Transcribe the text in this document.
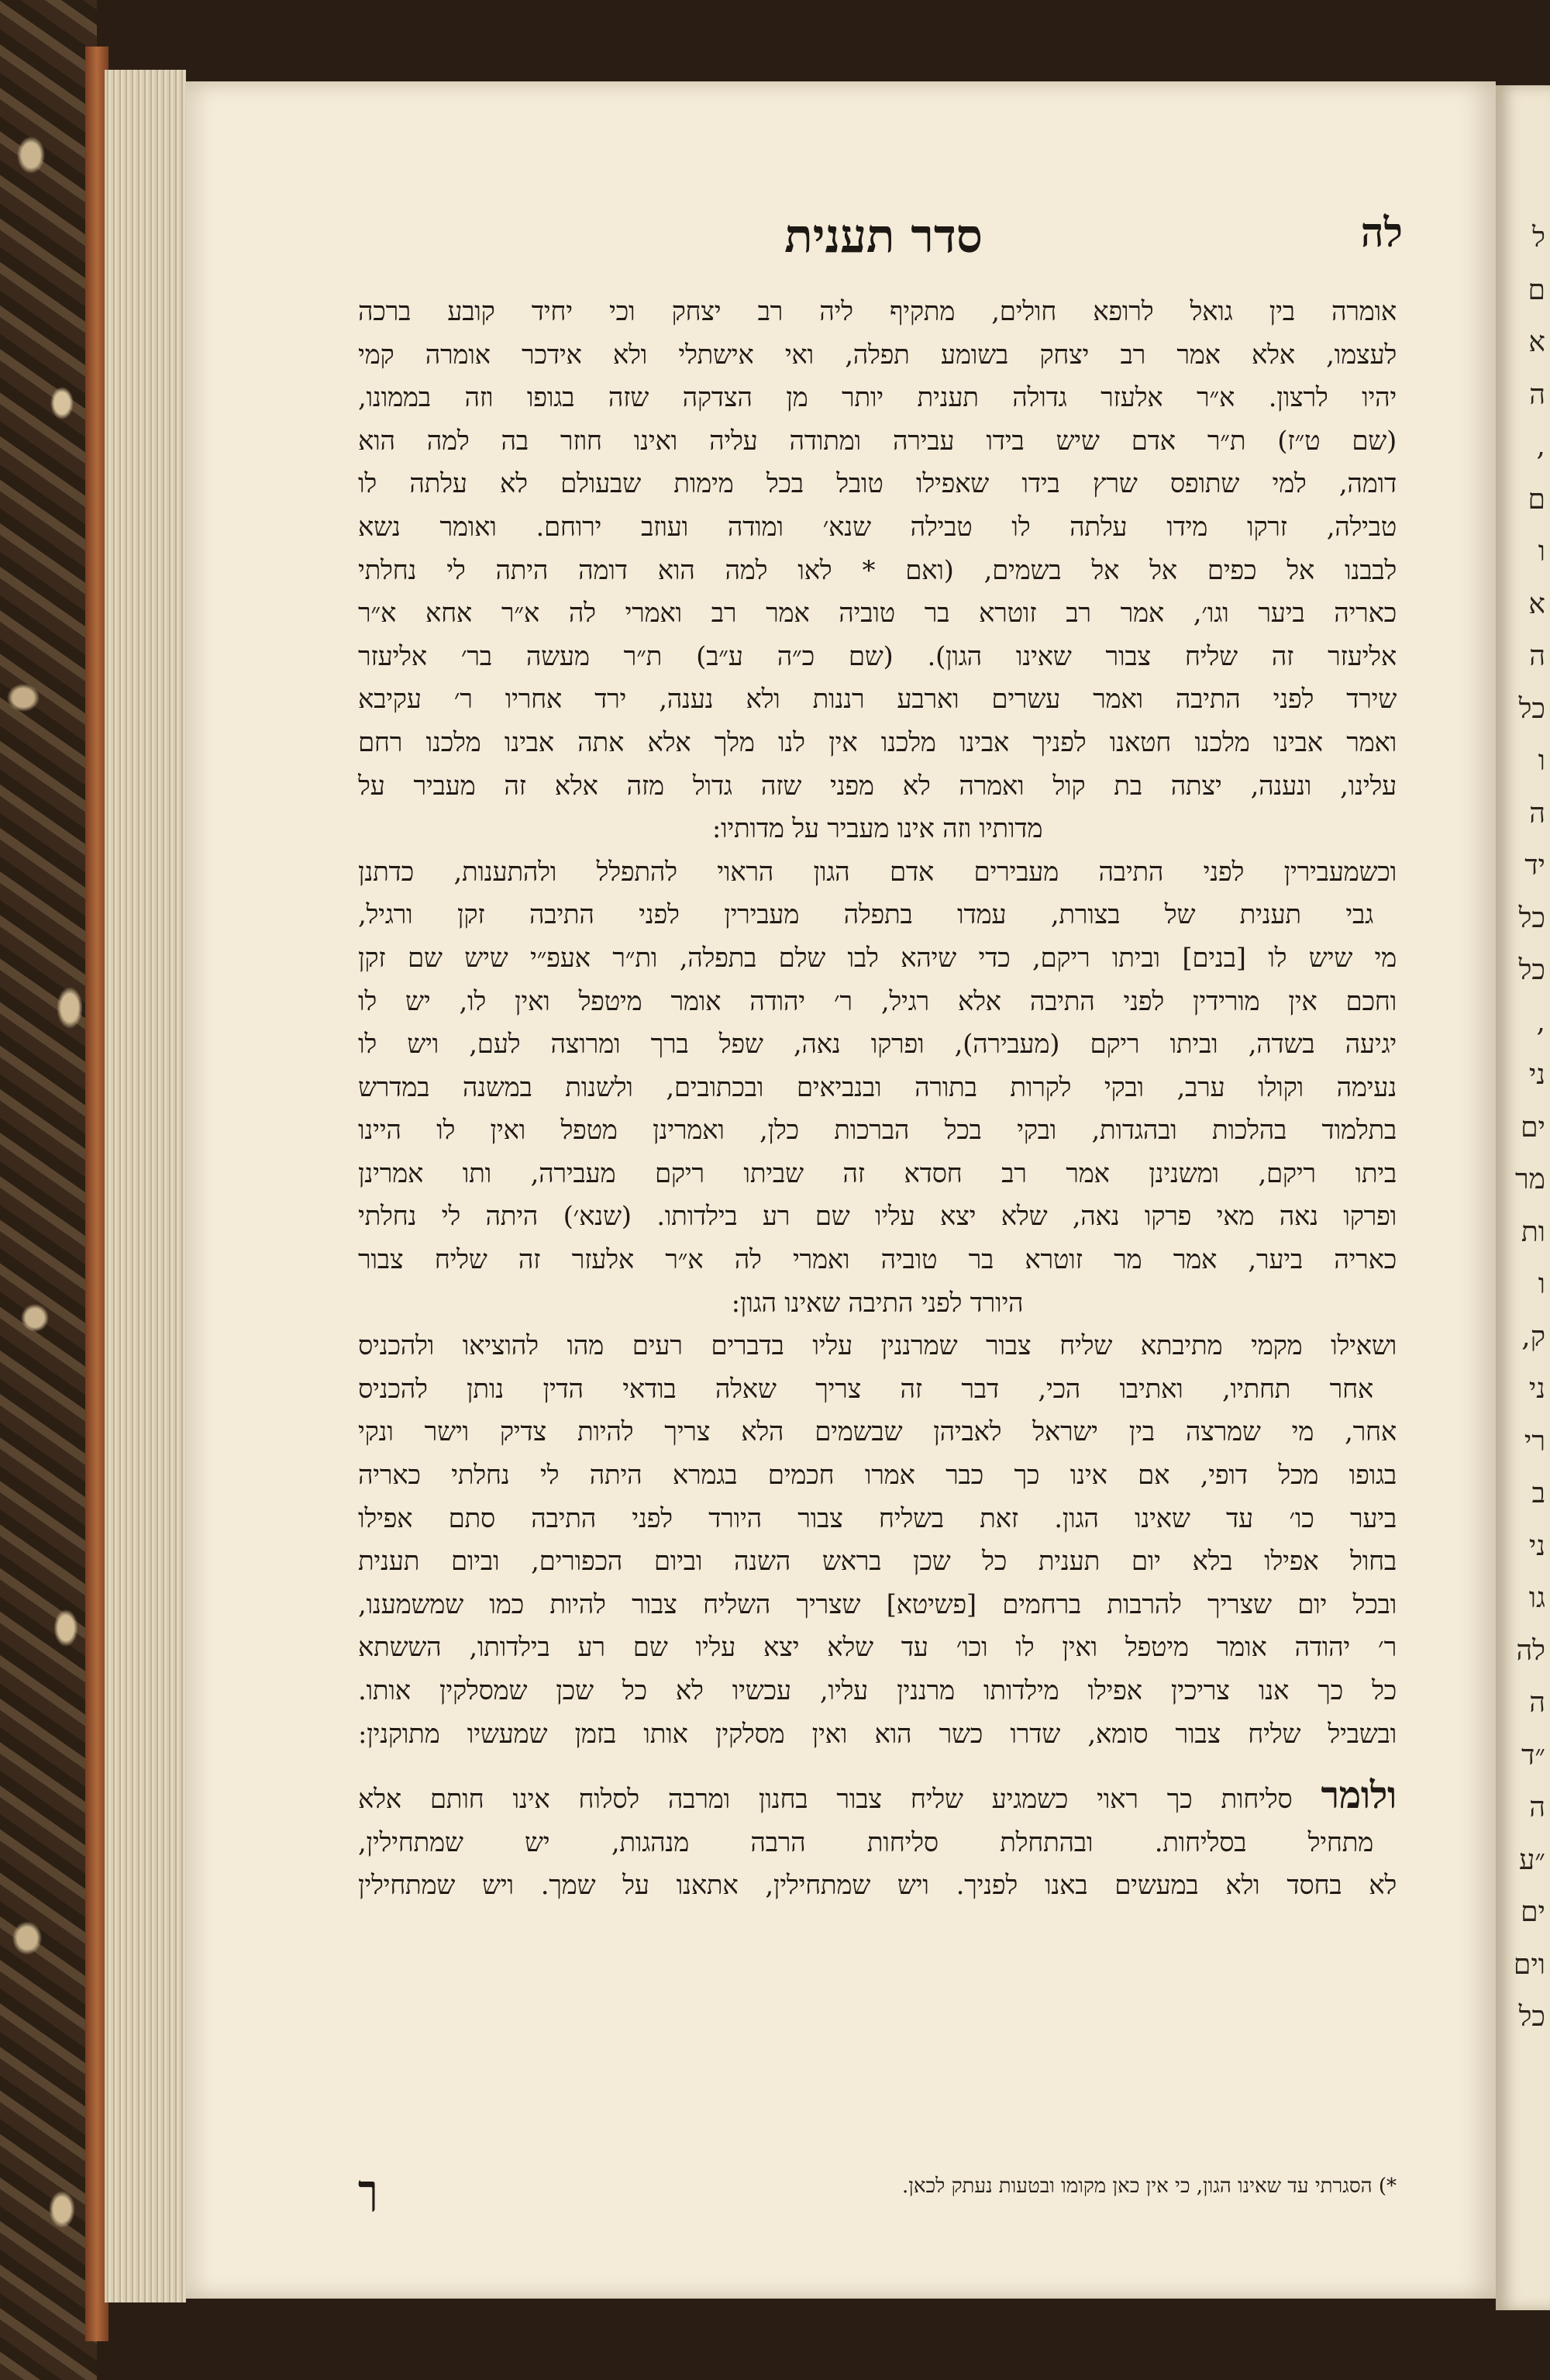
ל
ם
א
ה
,
ם
ו
א
ה
כל
ו
ה
יד
כל
כל
,
ני
ים
מר
ות
ו
ק,
ני
רי
ב
ני
גו
לה
ה
״ד
ה
״ע
ים
וים
כל
לה
סדר תענית
אומרה בין גואל לרופא חולים, מתקיף ליה רב יצחק וכי יחיד קובע ברכה
לעצמו, אלא אמר רב יצחק בשומע תפלה, ואי אישתלי ולא אידכר אומרה קמי
יהיו לרצון. א״ר אלעזר גדולה תענית יותר מן הצדקה שזה בגופו וזה בממונו,
(שם ט״ז) ת״ר אדם שיש בידו עבירה ומתודה עליה ואינו חוזר בה למה הוא
דומה, למי שתופס שרץ בידו שאפילו טובל בכל מימות שבעולם לא עלתה לו
טבילה, זרקו מידו עלתה לו טבילה שנא׳ ומודה ועוזב ירוחם. ואומר נשא
לבבנו אל כפים אל אל בשמים, (ואם * לאו למה הוא דומה היתה לי נחלתי
כאריה ביער וגו׳, אמר רב זוטרא בר טוביה אמר רב ואמרי לה א״ר אחא א״ר
אליעזר זה שליח צבור שאינו הגון). (שם כ״ה ע״ב) ת״ר מעשה בר׳ אליעזר
שירד לפני התיבה ואמר עשרים וארבע רננות ולא נענה, ירד אחריו ר׳ עקיבא
ואמר אבינו מלכנו חטאנו לפניך אבינו מלכנו אין לנו מלך אלא אתה אבינו מלכנו רחם
עלינו, ונענה, יצתה בת קול ואמרה לא מפני שזה גדול מזה אלא זה מעביר על
מדותיו וזה אינו מעביר על מדותיו:
וכשמעבירין לפני התיבה מעבירים אדם הגון הראוי להתפלל ולהתענות, כדתנן
גבי תענית של בצורת, עמדו בתפלה מעבירין לפני התיבה זקן ורגיל,
מי שיש לו [בנים] וביתו ריקם, כדי שיהא לבו שלם בתפלה, ות״ר אעפ״י שיש שם זקן
וחכם אין מורידין לפני התיבה אלא רגיל, ר׳ יהודה אומר מיטפל ואין לו, יש לו
יגיעה בשדה, וביתו ריקם (מעבירה), ופרקו נאה, שפל ברך ומרוצה לעם, ויש לו
נעימה וקולו ערב, ובקי לקרות בתורה ובנביאים ובכתובים, ולשנות במשנה במדרש
בתלמוד בהלכות ובהגדות, ובקי בכל הברכות כלן, ואמרינן מטפל ואין לו היינו
ביתו ריקם, ומשנינן אמר רב חסדא זה שביתו ריקם מעבירה, ותו אמרינן
ופרקו נאה מאי פרקו נאה, שלא יצא עליו שם רע בילדותו. (שנא׳) היתה לי נחלתי
כאריה ביער, אמר מר זוטרא בר טוביה ואמרי לה א״ר אלעזר זה שליח צבור
היורד לפני התיבה שאינו הגון:
ושאילו מקמי מתיבתא שליח צבור שמרננין עליו בדברים רעים מהו להוציאו ולהכניס
אחר תחתיו, ואתיבו הכי, דבר זה צריך שאלה בודאי הדין נותן להכניס
אחר, מי שמרצה בין ישראל לאביהן שבשמים הלא צריך להיות צדיק וישר ונקי
בגופו מכל דופי, אם אינו כך כבר אמרו חכמים בגמרא היתה לי נחלתי כאריה
ביער כו׳ עד שאינו הגון. זאת בשליח צבור היורד לפני התיבה סתם אפילו
בחול אפילו בלא יום תענית כל שכן בראש השנה וביום הכפורים, וביום תענית
ובכל יום שצריך להרבות ברחמים [פשיטא] שצריך השליח צבור להיות כמו שמשמענו,
ר׳ יהודה אומר מיטפל ואין לו וכו׳ עד שלא יצא עליו שם רע בילדותו, הששתא
כל כך אנו צריכין אפילו מילדותו מרננין עליו, עכשיו לא כל שכן שמסלקין אותו.
ובשביל שליח צבור סומא, שדרו כשר הוא ואין מסלקין אותו בזמן שמעשיו מתוקנין:
ולומר סליחות כך ראוי כשמגיע שליח צבור בחנון ומרבה לסלוח אינו חותם אלא
מתחיל בסליחות. ובהתחלת סליחות הרבה מנהגות, יש שמתחילין,
לא בחסד ולא במעשים באנו לפניך. ויש שמתחילין, אתאנו על שמך. ויש שמתחילין
*) הסגרתי עד שאינו הגון, כי אין כאן מקומו ובטעות נעתק לכאן.
ך
